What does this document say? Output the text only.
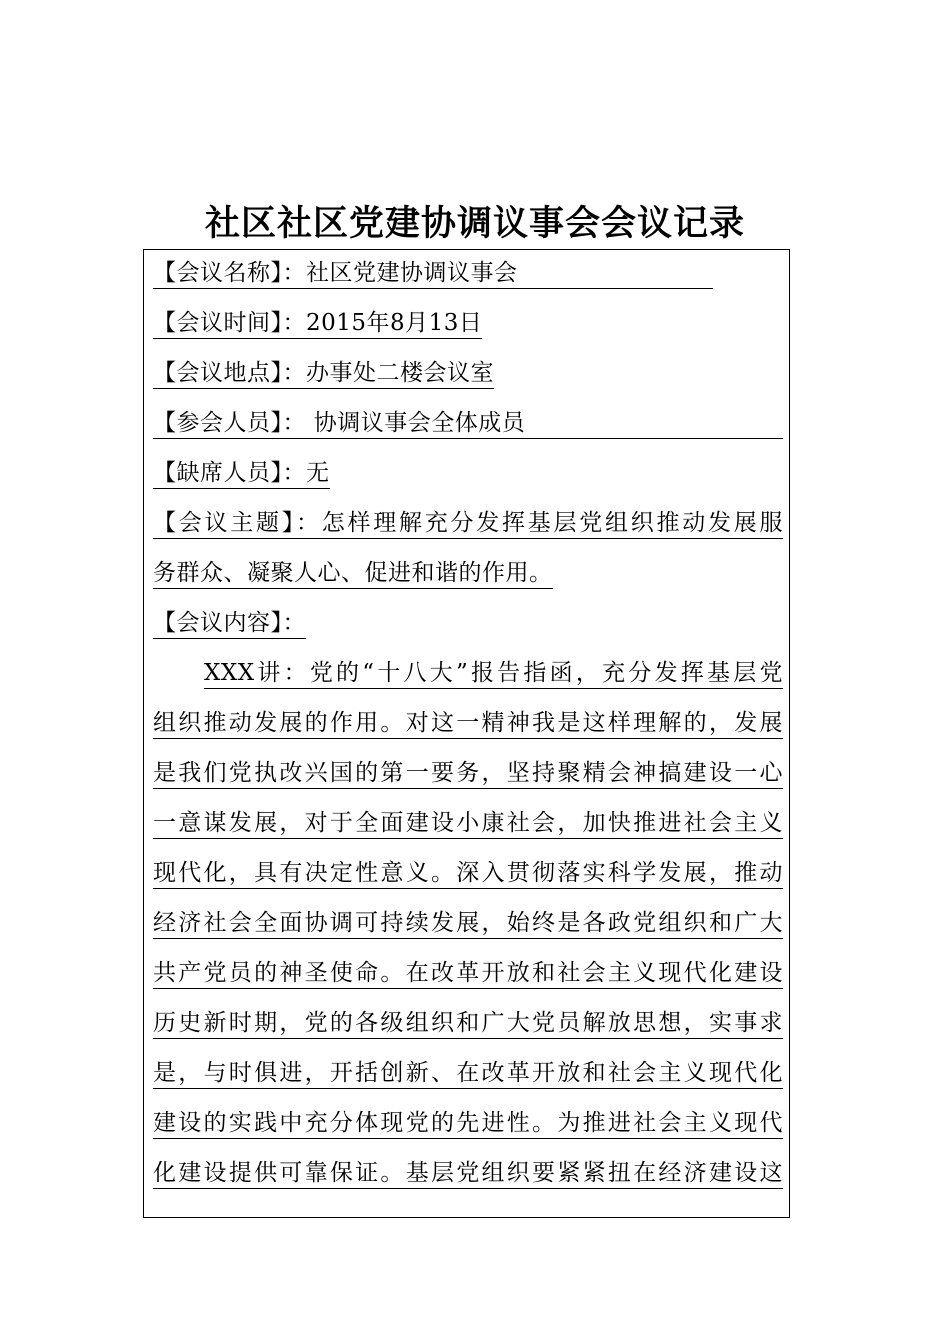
社区社区党建协调议事会会议记录
【会议名称】：社区党建协调议事会
【会议时间】：2015年8月13日
【会议地点】：办事处二楼会议室
【参会人员】： 协调议事会全体成员
【缺席人员】：无
【会议主题】：怎样理解充分发挥基层党组织推动发展服
务群众、凝聚人心、促进和谐的作用。
【会议内容】：
XXX讲：党的“十八大”报告指函，充分发挥基层党
组织推动发展的作用。对这一精神我是这样理解的，发展
是我们党执改兴国的第一要务，坚持聚精会神搞建设一心
一意谋发展，对于全面建设小康社会，加快推进社会主义
现代化，具有决定性意义。深入贯彻落实科学发展，推动
经济社会全面协调可持续发展，始终是各政党组织和广大
共产党员的神圣使命。在改革开放和社会主义现代化建设
历史新时期，党的各级组织和广大党员解放思想，实事求
是，与时俱进，开括创新、在改革开放和社会主义现代化
建设的实践中充分体现党的先进性。为推进社会主义现代
化建设提供可靠保证。基层党组织要紧紧扭在经济建设这
